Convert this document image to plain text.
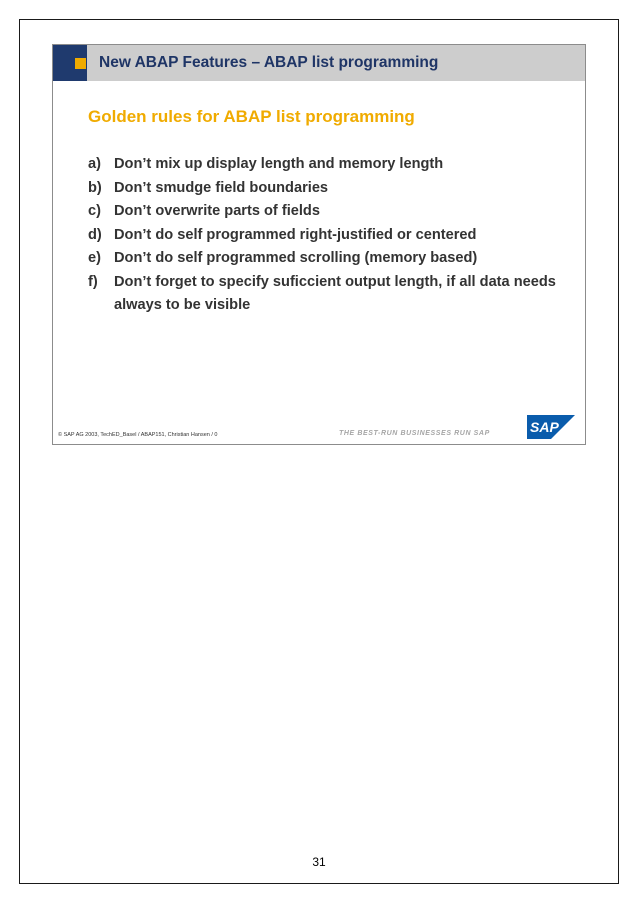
New ABAP Features – ABAP list programming
Golden rules for ABAP list programming
a) Don’t mix up display length and memory length
b) Don’t smudge field boundaries
c) Don’t overwrite parts of fields
d) Don’t do self programmed right-justified or centered
e) Don’t do self programmed scrolling (memory based)
f)	Don’t forget to specify suficcient output length, if all data needs always to be visible
© SAP AG 2003, TechED_Basel / ABAP151, Christian Hansen / 0	THE BEST-RUN BUSINESSES RUN SAP	SAP
31
